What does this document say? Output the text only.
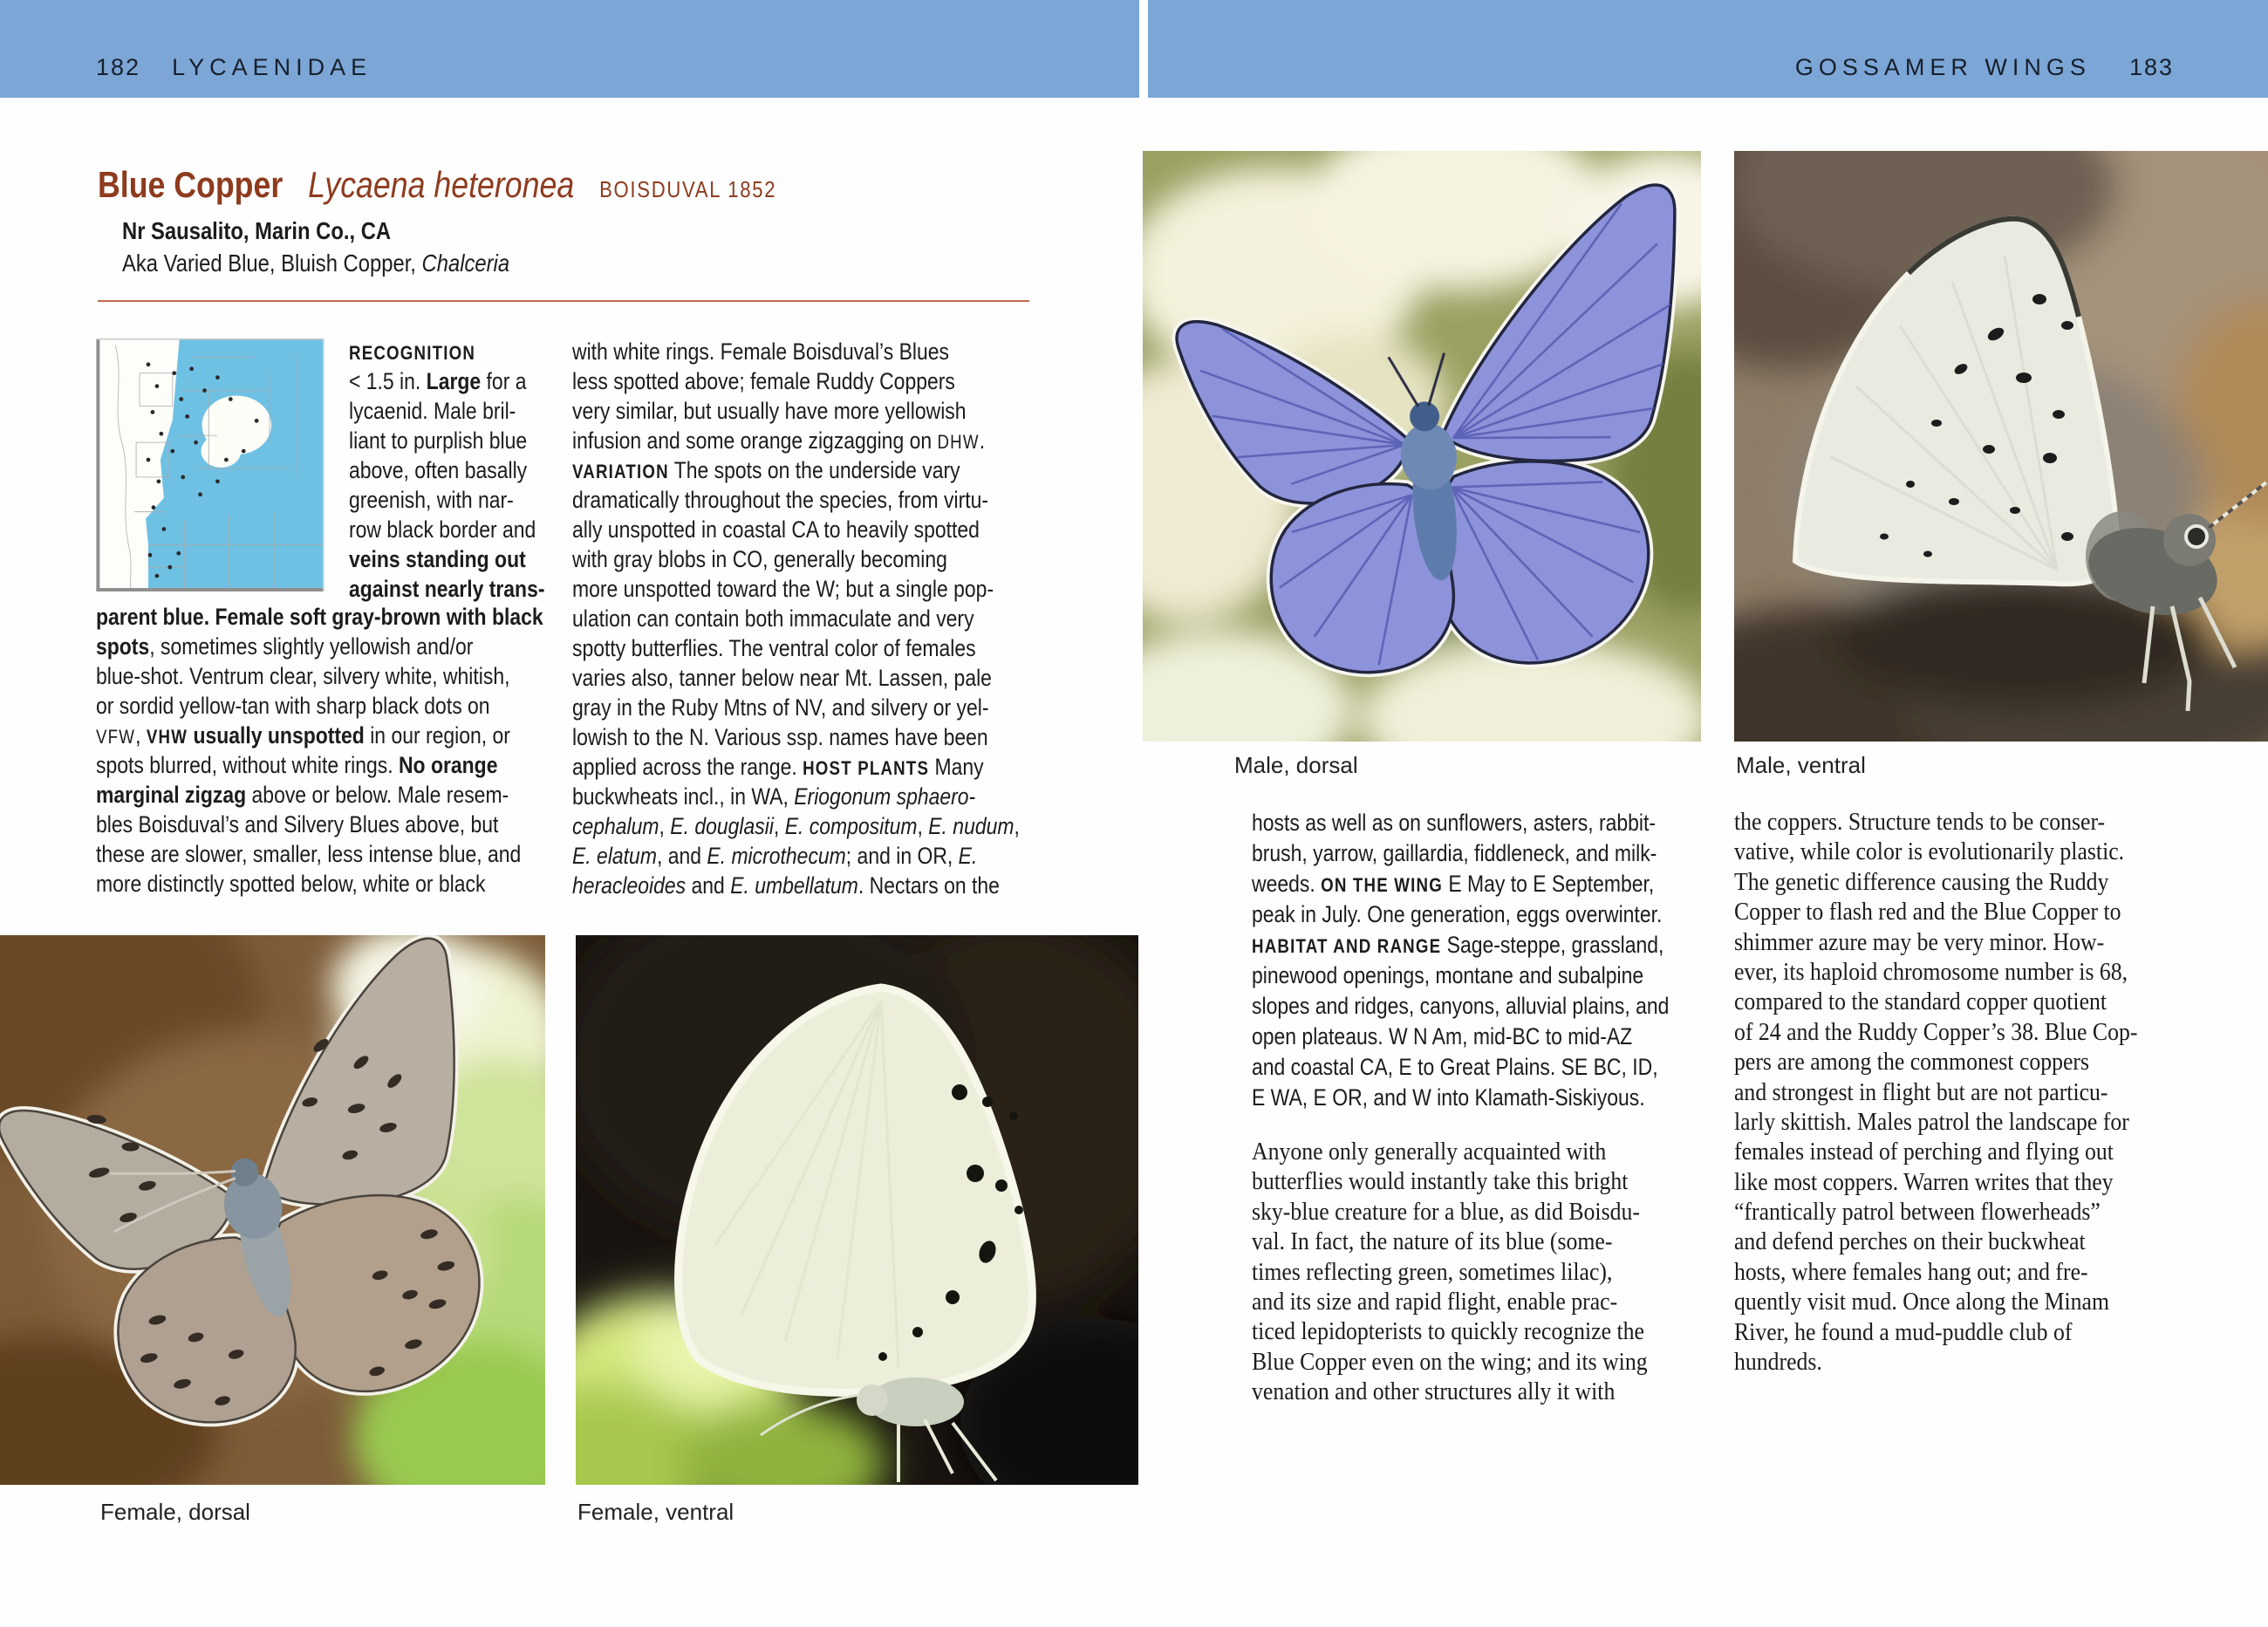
182 LYCAENIDAE	GOSSAMER WINGS 183
Blue Copper Lycaena heteronea BOISDUVAL 1852
Nr Sausalito, Marin Co., CA
Aka Varied Blue, Bluish Copper, Chalceria
RECOGNITION
< 1.5 in. Large for a
lycaenid. Male bril-
liant to purplish blue
above, often basally
greenish, with nar-
row black border and
veins standing out
against nearly trans-
parent blue. Female soft gray-brown with black
spots, sometimes slightly yellowish and/or
blue-shot. Ventrum clear, silvery white, whitish,
or sordid yellow-tan with sharp black dots on
VFW, VHW usually unspotted in our region, or
spots blurred, without white rings. No orange
marginal zigzag above or below. Male resem-
bles Boisduval’s and Silvery Blues above, but
these are slower, smaller, less intense blue, and
more distinctly spotted below, white or black
with white rings. Female Boisduval’s Blues
less spotted above; female Ruddy Coppers
very similar, but usually have more yellowish
infusion and some orange zigzagging on DHW.
VARIATION The spots on the underside vary
dramatically throughout the species, from virtu-
ally unspotted in coastal CA to heavily spotted
with gray blobs in CO, generally becoming
more unspotted toward the W; but a single pop-
ulation can contain both immaculate and very
spotty butterflies. The ventral color of females
varies also, tanner below near Mt. Lassen, pale
gray in the Ruby Mtns of NV, and silvery or yel-
lowish to the N. Various ssp. names have been
applied across the range. HOST PLANTS Many
buckwheats incl., in WA, Eriogonum sphaero-
cephalum, E. douglasii, E. compositum, E. nudum,
E. elatum, and E. microthecum; and in OR, E.
heracleoides and E. umbellatum. Nectars on the
hosts as well as on sunflowers, asters, rabbit-
brush, yarrow, gaillardia, fiddleneck, and milk-
weeds. ON THE WING E May to E September,
peak in July. One generation, eggs overwinter.
HABITAT AND RANGE Sage-steppe, grassland,
pinewood openings, montane and subalpine
slopes and ridges, canyons, alluvial plains, and
open plateaus. W N Am, mid-BC to mid-AZ
and coastal CA, E to Great Plains. SE BC, ID,
E WA, E OR, and W into Klamath-Siskiyous.
Anyone only generally acquainted with
butterflies would instantly take this bright
sky-blue creature for a blue, as did Boisdu-
val. In fact, the nature of its blue (some-
times reflecting green, sometimes lilac),
and its size and rapid flight, enable prac-
ticed lepidopterists to quickly recognize the
Blue Copper even on the wing; and its wing
venation and other structures ally it with
the coppers. Structure tends to be conser-
vative, while color is evolutionarily plastic.
The genetic difference causing the Ruddy
Copper to flash red and the Blue Copper to
shimmer azure may be very minor. How-
ever, its haploid chromosome number is 68,
compared to the standard copper quotient
of 24 and the Ruddy Copper’s 38. Blue Cop-
pers are among the commonest coppers
and strongest in flight but are not particu-
larly skittish. Males patrol the landscape for
females instead of perching and flying out
like most coppers. Warren writes that they
“frantically patrol between flowerheads”
and defend perches on their buckwheat
hosts, where females hang out; and fre-
quently visit mud. Once along the Minam
River, he found a mud-puddle club of
hundreds.
Male, dorsal	Male, ventral
Female, dorsal	Female, ventral
